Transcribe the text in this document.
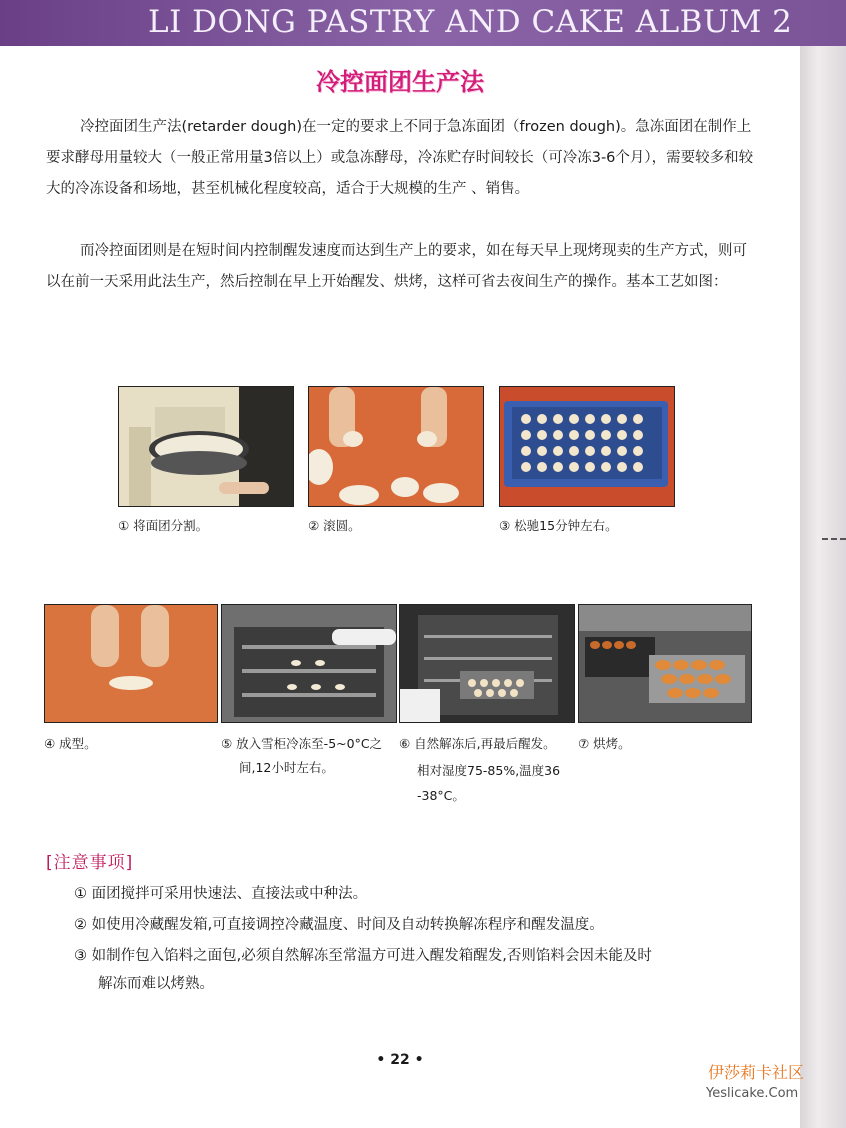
LI DONG PASTRY AND CAKE ALBUM 2
冷控面团生产法
冷控面团生产法(retarder dough)在一定的要求上不同于急冻面团（frozen dough)。急冻面团在制作上要求酵母用量较大（一般正常用量3倍以上）或急冻酵母，冷冻贮存时间较长（可冷冻3-6个月），需要较多和较大的冷冻设备和场地，甚至机械化程度较高，适合于大规模的生产 、销售。
而冷控面团则是在短时间内控制醒发速度而达到生产上的要求，如在每天早上现烤现卖的生产方式，则可以在前一天采用此法生产，然后控制在早上开始醒发、烘烤，这样可省去夜间生产的操作。基本工艺如图：
① 将面团分割。	② 滚圆。	③ 松驰15分钟左右。
④ 成型。	⑤ 放入雪柜冷冻至-5~0°C之
间,12小时左右。
⑥ 自然解冻后,再最后醒发。
相对湿度75-85%,温度36
-38°C。
⑦ 烘烤。
[注意事项]
① 面团搅拌可采用快速法、直接法或中种法。
② 如使用冷藏醒发箱,可直接调控冷藏温度、时间及自动转换解冻程序和醒发温度。
③ 如制作包入馅料之面包,必须自然解冻至常温方可进入醒发箱醒发,否则馅料会因未能及时
解冻而难以烤熟。
• 22 •
伊莎莉卡社区
Yeslicake.Com
